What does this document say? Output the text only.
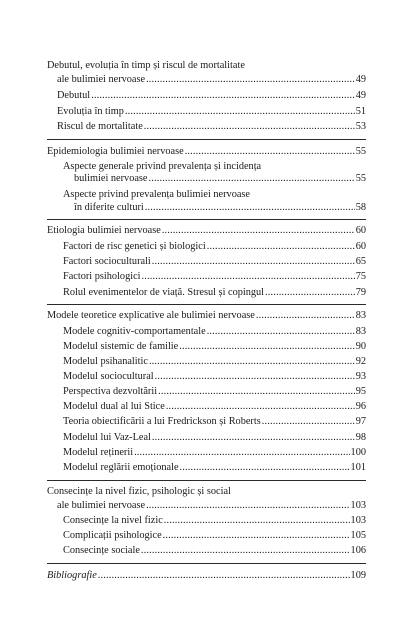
Debutul, evoluția în timp și riscul de mortalitate
ale bulimiei nervoase . . .	49
Debutul . . .	49
Evoluția în timp . . .	51
Riscul de mortalitate . . .	53
Epidemiologia bulimiei nervoase . . .	55
Aspecte generale privind prevalența și incidența
bulimiei nervoase . . .	55
Aspecte privind prevalența bulimiei nervoase
în diferite culturi . . .	58
Etiologia bulimiei nervoase . . .	60
Factori de risc genetici și biologici . . .	60
Factori socioculturali . . .	65
Factori psihologici . . .	75
Rolul evenimentelor de viață. Stresul și copingul . . .	79
Modele teoretice explicative ale bulimiei nervoase . . .	83
Modele cognitiv-comportamentale . . .	83
Modelul sistemic de familie . . .	90
Modelul psihanalitic . . .	92
Modelul sociocultural . . .	93
Perspectiva dezvoltării . . .	95
Modelul dual al lui Stice . . .	96
Teoria obiectificării a lui Fredrickson și Roberts . . .	97
Modelul lui Vaz-Leal . . .	98
Modelul reținerii . . .	100
Modelul reglării emoționale . . .	101
Consecințe la nivel fizic, psihologic și social
ale bulimiei nervoase . . .	103
Consecințe la nivel fizic . . .	103
Complicații psihologice . . .	105
Consecințe sociale . . .	106
Bibliografie . . .	109
